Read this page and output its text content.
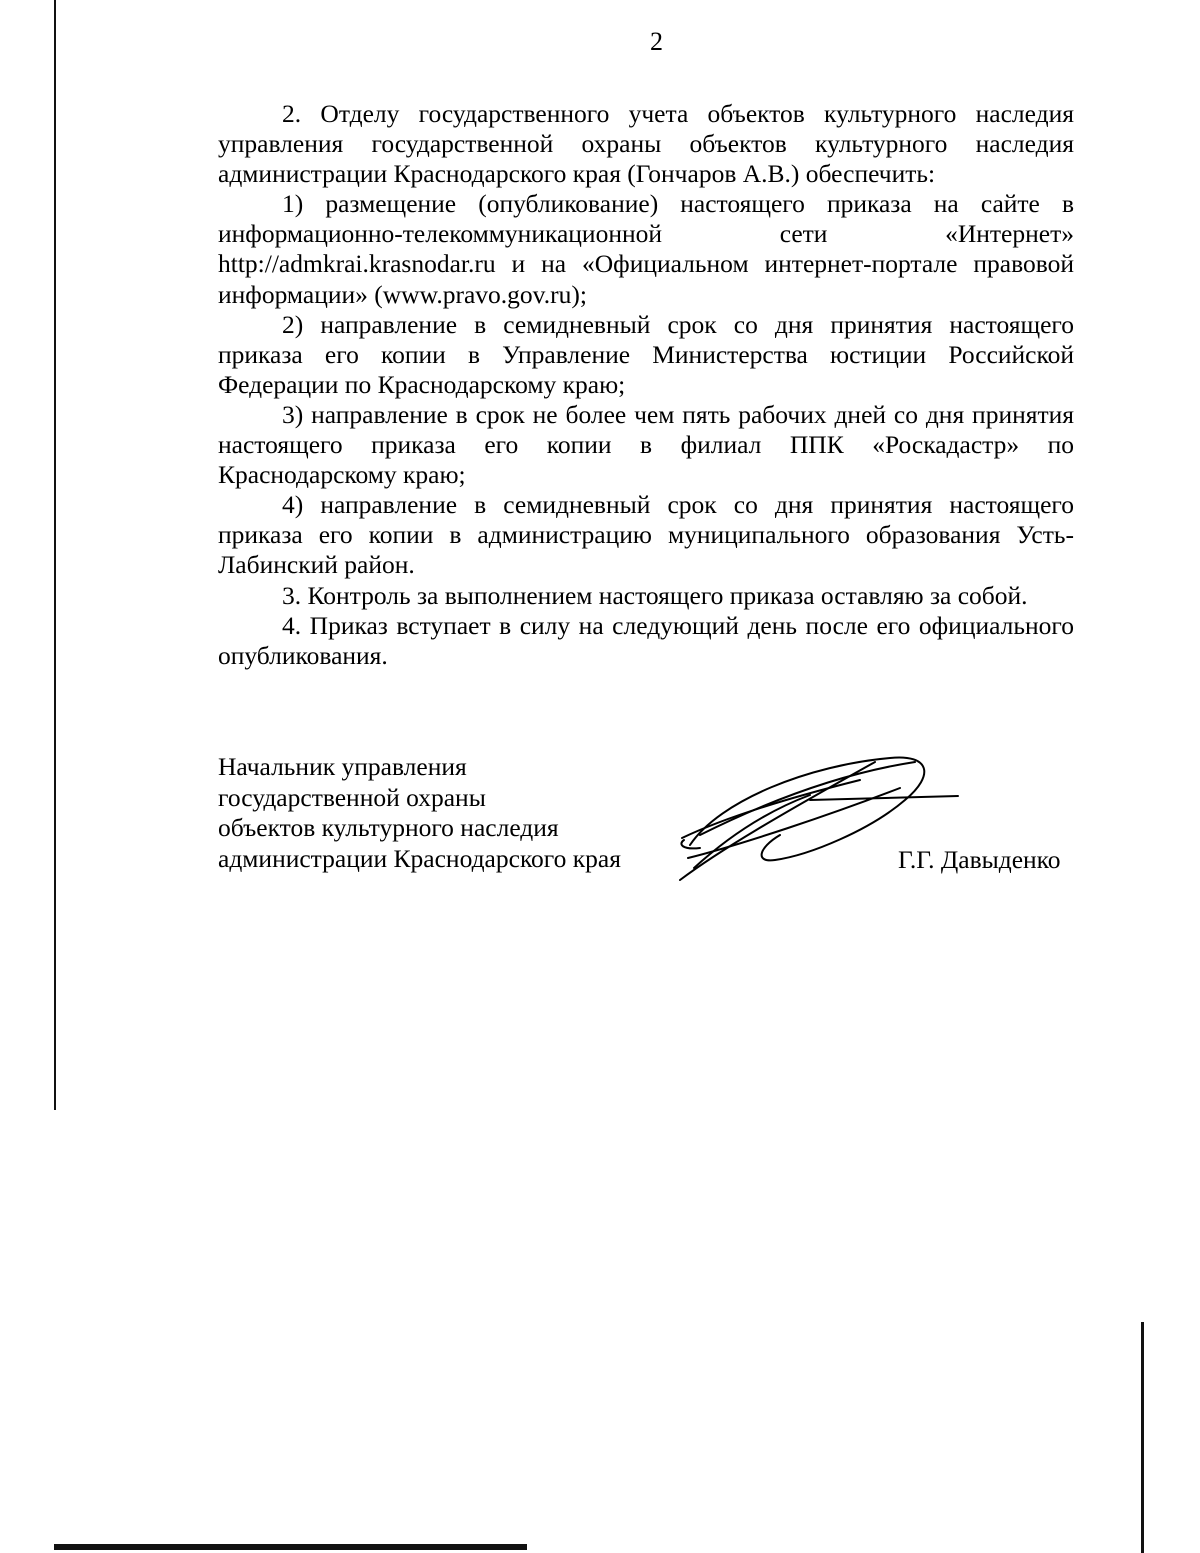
2

2. Отделу государственного учета объектов культурного наследия управления государственной охраны объектов культурного наследия администрации Краснодарского края (Гончаров А.В.) обеспечить:

1) размещение (опубликование) настоящего приказа на сайте в информационно-телекоммуникационной сети «Интернет» http://admkrai.krasnodar.ru и на «Официальном интернет-портале правовой информации» (www.pravo.gov.ru);

2) направление в семидневный срок со дня принятия настоящего приказа его копии в Управление Министерства юстиции Российской Федерации по Краснодарскому краю;

3) направление в срок не более чем пять рабочих дней со дня принятия настоящего приказа его копии в филиал ППК «Роскадастр» по Краснодарскому краю;

4) направление в семидневный срок со дня принятия настоящего приказа его копии в администрацию муниципального образования Усть-Лабинский район.

3. Контроль за выполнением настоящего приказа оставляю за собой.

4. Приказ вступает в силу на следующий день после его официального опубликования.

Начальник управления
государственной охраны
объектов культурного наследия
администрации Краснодарского края	Г.Г. Давыденко
